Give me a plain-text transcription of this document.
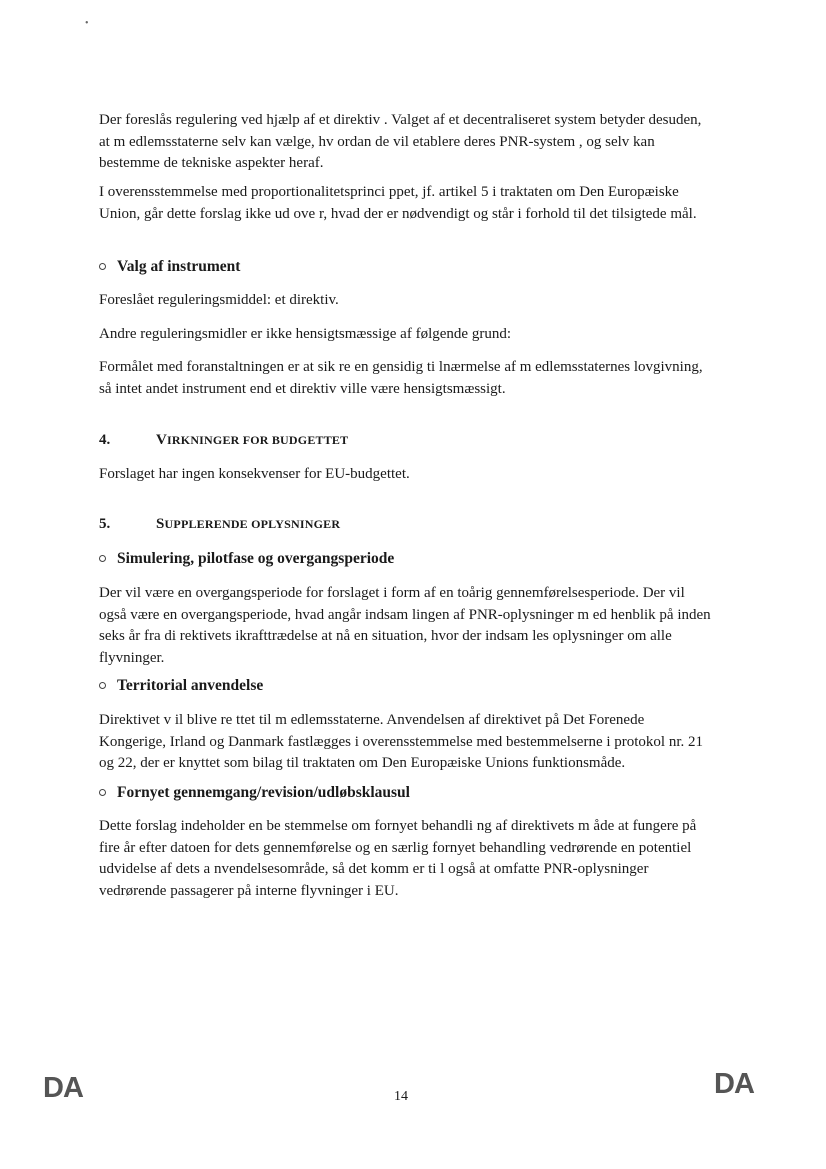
•

Der foreslås regulering ved hjælp af et direktiv . Valget af et decentraliseret system betyder desuden, at m edlemsstaterne selv kan vælge, hv ordan de vil etablere deres PNR-system , og selv kan bestemme de tekniske aspekter heraf.

I overensstemmelse med proportionalitetsprinci ppet, jf. artikel 5 i traktaten om Den Europæiske Union, går dette forslag ikke ud ove r, hvad der er nødvendigt og står i forhold til det tilsigtede mål.

Valg af instrument

Foreslået reguleringsmiddel: et direktiv.

Andre reguleringsmidler er ikke hensigtsmæssige af følgende grund:

Formålet med foranstaltningen er at sik re en gensidig ti lnærmelse af m edlemsstaternes lovgivning, så intet andet instrument end et direktiv ville være hensigtsmæssigt.

4.	VIRKNINGER FOR BUDGETTET

Forslaget har ingen konsekvenser for EU-budgettet.

5.	SUPPLERENDE OPLYSNINGER
Simulering, pilotfase og overgangsperiode

Der vil være en overgangsperiode for forslaget i form af en toårig gennemførelsesperiode. Der vil også være en overgangsperiode, hvad angår indsam lingen af PNR-oplysninger m ed henblik på inden seks år fra di rektivets ikrafttrædelse at nå en situation, hvor der indsam les oplysninger om alle flyvninger.

Territorial anvendelse

Direktivet v il blive re ttet til m edlemsstaterne. Anvendelsen af direktivet på Det Forenede Kongerige, Irland og Danmark fastlægges i overensstemmelse med bestemmelserne i protokol nr. 21 og 22, der er knyttet som bilag til traktaten om Den Europæiske Unions funktionsmåde.

Fornyet gennemgang/revision/udløbsklausul

Dette forslag indeholder en be stemmelse om fornyet behandli ng af direktivets m åde at fungere på fire år efter datoen for dets gennemførelse og en særlig fornyet behandling vedrørende en potentiel udvidelse af dets a nvendelsesområde, så det komm er ti l også at omfatte PNR-oplysninger vedrørende passagerer på interne flyvninger i EU.

DA	14	DA
